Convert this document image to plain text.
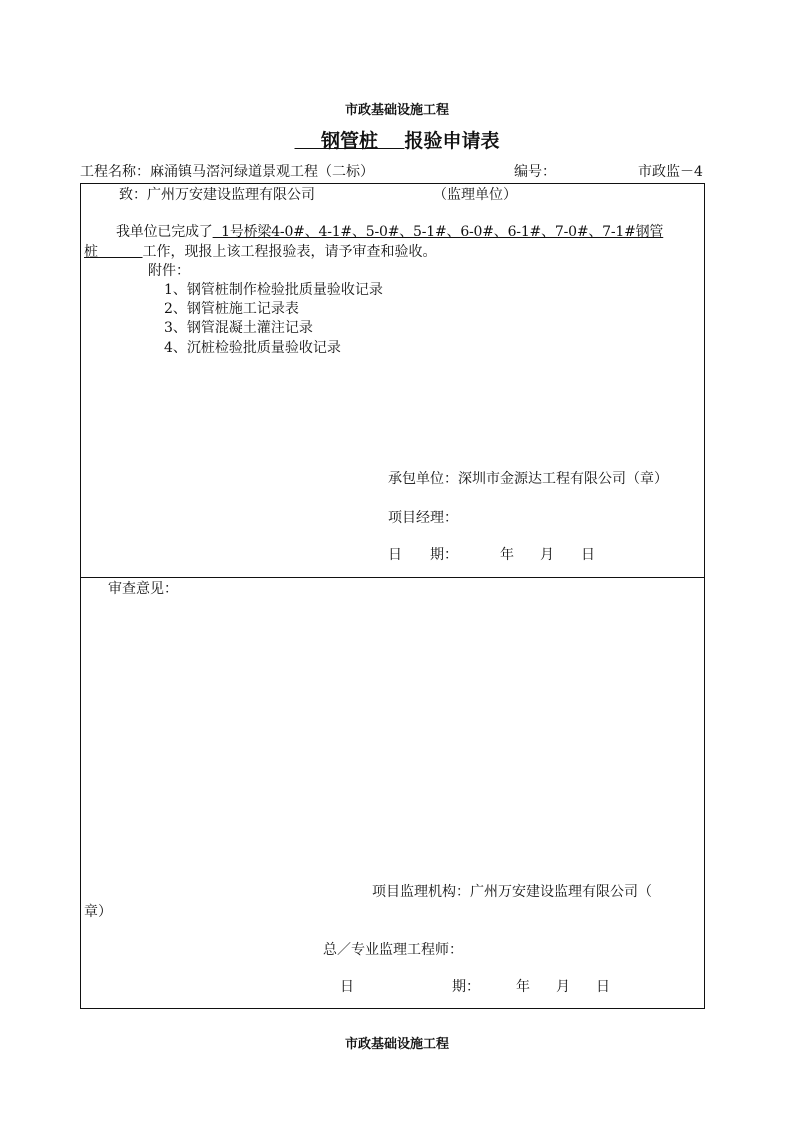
市政基础设施工程
钢管桩 报验申请表
工程名称：麻涌镇马滘河绿道景观工程（二标）	编号：	市政监－4
致：广州万安建设监理有限公司	（监理单位）
我单位已完成了  1号桥梁4-0#、4-1#、5-0#、5-1#、6-0#、6-1#、7-0#、7-1#钢管
桩          工作，现报上该工程报验表，请予审查和验收。
附件：
1、钢管桩制作检验批质量验收记录
2、钢管桩施工记录表
3、钢管混凝土灌注记录
4、沉桩检验批质量验收记录
承包单位：深圳市金源达工程有限公司（章）
项目经理：
日　　期：	年 月 日
审查意见：
项目监理机构：广州万安建设监理有限公司（
章）
总／专业监理工程师：
日	期：	年 月 日
市政基础设施工程
